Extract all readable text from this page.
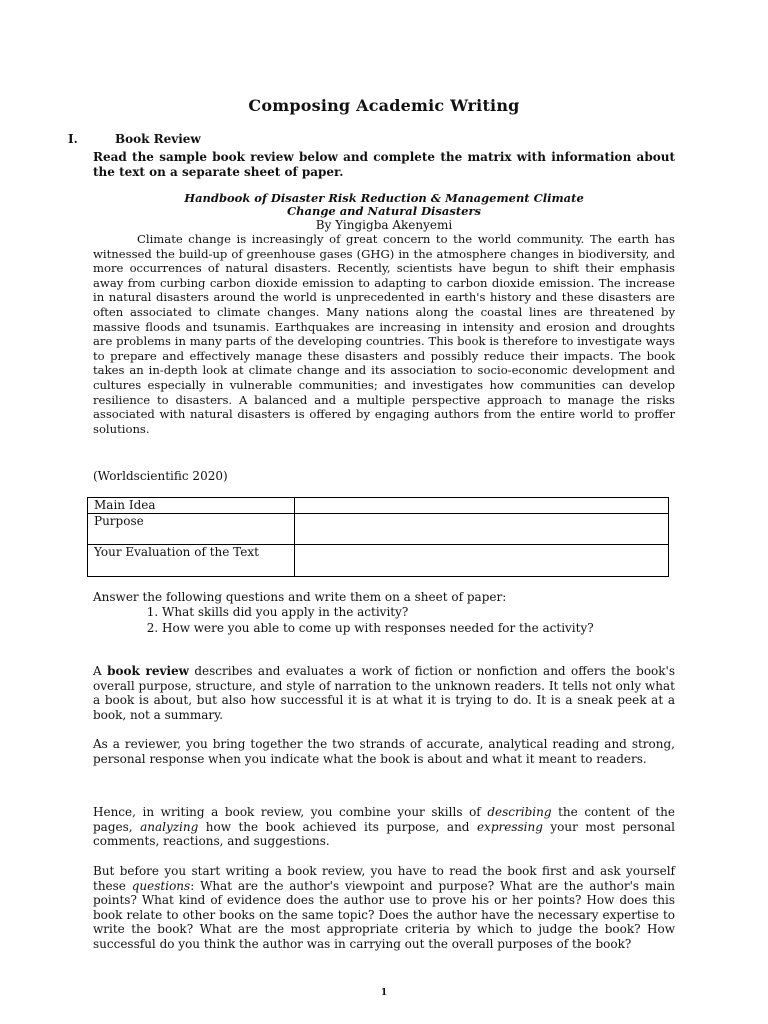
Composing Academic Writing
I.	Book Review
Read the sample book review below and complete the matrix with information about the text on a separate sheet of paper.
Handbook of Disaster Risk Reduction & Management Climate
Change and Natural Disasters
By Yingigba Akenyemi

Climate change is increasingly of great concern to the world community. The earth has witnessed the build-up of greenhouse gases (GHG) in the atmosphere changes in biodiversity, and more occurrences of natural disasters. Recently, scientists have begun to shift their emphasis away from curbing carbon dioxide emission to adapting to carbon dioxide emission. The increase in natural disasters around the world is unprecedented in earth's history and these disasters are often associated to climate changes. Many nations along the coastal lines are threatened by massive floods and tsunamis. Earthquakes are increasing in intensity and erosion and droughts are problems in many parts of the developing countries. This book is therefore to investigate ways to prepare and effectively manage these disasters and possibly reduce their impacts. The book takes an in-depth look at climate change and its association to socio-economic development and cultures especially in vulnerable communities; and investigates how communities can develop resilience to disasters. A balanced and a multiple perspective approach to manage the risks associated with natural disasters is offered by engaging authors from the entire world to proffer solutions.

(Worldscientific 2020)
Main Idea	
Purpose	
Your Evaluation of the Text	
Answer the following questions and write them on a sheet of paper:
1. What skills did you apply in the activity?
2. How were you able to come up with responses needed for the activity?

A book review describes and evaluates a work of fiction or nonfiction and offers the book's overall purpose, structure, and style of narration to the unknown readers. It tells not only what a book is about, but also how successful it is at what it is trying to do. It is a sneak peek at a book, not a summary.

As a reviewer, you bring together the two strands of accurate, analytical reading and strong, personal response when you indicate what the book is about and what it meant to readers.

Hence, in writing a book review, you combine your skills of describing the content of the pages, analyzing how the book achieved its purpose, and expressing your most personal comments, reactions, and suggestions.

But before you start writing a book review, you have to read the book first and ask yourself these questions: What are the author's viewpoint and purpose? What are the author's main points? What kind of evidence does the author use to prove his or her points? How does this book relate to other books on the same topic? Does the author have the necessary expertise to write the book? What are the most appropriate criteria by which to judge the book? How successful do you think the author was in carrying out the overall purposes of the book?

1
